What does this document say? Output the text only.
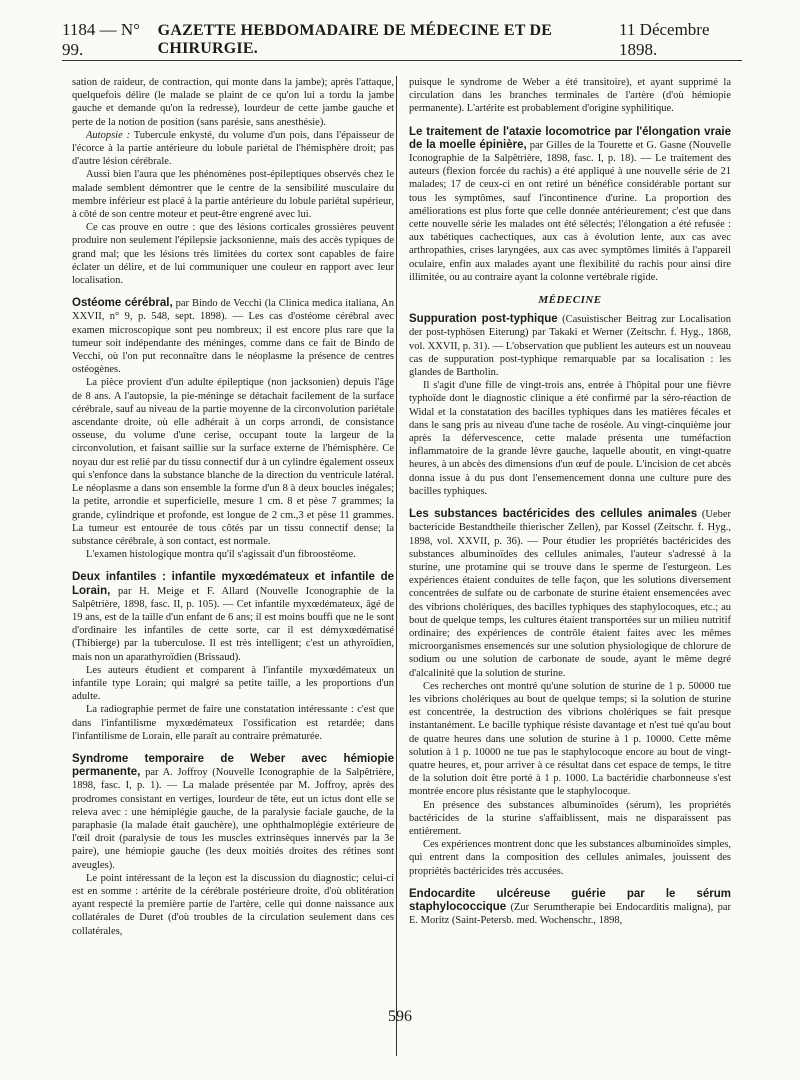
1184 — N° 99.
GAZETTE HEBDOMADAIRE DE MÉDECINE ET DE CHIRURGIE.
11 Décembre 1898.

sation de raideur, de contraction, qui monte dans la jambe); après l'attaque, quelquefois délire (le malade se plaint de ce qu'on lui a tordu la jambe gauche et demande qu'on la redresse), lourdeur de cette jambe gauche et perte de la notion de position (sans parésie, sans anesthésie).

Autopsie : Tubercule enkysté, du volume d'un pois, dans l'épaisseur de l'écorce à la partie antérieure du lobule pariétal de l'hémisphère droit; pas d'autre lésion cérébrale.

Aussi bien l'aura que les phénomènes post-épileptiques observés chez le malade semblent démontrer que le centre de la sensibilité musculaire du membre inférieur est placé à la partie antérieure du lobule pariétal supérieur, à côté de son centre moteur et peut-être engrené avec lui.

Ce cas prouve en outre : que des lésions corticales grossières peuvent produire non seulement l'épilepsie jacksonienne, mais des accès typiques de grand mal; que les lésions très limitées du cortex sont capables de faire éclater un délire, et de lui communiquer une couleur en rapport avec leur localisation.

Ostéome cérébral, par Bindo de Vecchi (la Clinica medica italiana, An XXVII, n° 9, p. 548, sept. 1898). — Les cas d'ostéome cérébral avec examen microscopique sont peu nombreux; il est encore plus rare que la tumeur soit indépendante des méninges, comme dans ce fait de Bindo de Vecchi, où l'on put reconnaître dans le néoplasme la présence de centres ostéogènes.

La pièce provient d'un adulte épileptique (non jacksonien) depuis l'âge de 8 ans. A l'autopsie, la pie-méninge se détachait facilement de la surface cérébrale, sauf au niveau de la partie moyenne de la circonvolution pariétale ascendante droite, où elle adhérait à un corps arrondi, de consistance osseuse, du volume d'une cerise, occupant toute la largeur de la circonvolution, et faisant saillie sur la surface externe de l'hémisphère. Ce noyau dur est relié par du tissu connectif dur à un cylindre également osseux qui s'enfonce dans la substance blanche de la direction du ventricule latéral. Le néoplasme a dans son ensemble la forme d'un 8 à deux boucles inégales; la petite, arrondie et superficielle, mesure 1 cm. 8 et pèse 7 grammes; la grande, cylindrique et profonde, est longue de 2 cm.,3 et pèse 11 grammes. La tumeur est entourée de tous côtés par un tissu connectif dense; la substance cérébrale, à son contact, est normale.

L'examen histologique montra qu'il s'agissait d'un fibroostéome.

Deux infantiles : infantile myxœdémateux et infantile de Lorain, par H. Meige et F. Allard (Nouvelle Iconographie de la Salpêtrière, 1898, fasc. II, p. 105). — Cet infantile myxœdémateux, âgé de 19 ans, est de la taille d'un enfant de 6 ans; il est moins bouffi que ne le sont d'ordinaire les infantiles de cette sorte, car il est démyxœdématisé (Thibierge) par la tuberculose. Il est très intelligent; c'est un athyroïdien, mais non un aparathyroïdien (Brissaud).

Les auteurs étudient et comparent à l'infantile myxœdémateux un infantile type Lorain; qui malgré sa petite taille, a les proportions d'un adulte.

La radiographie permet de faire une constatation intéressante : c'est que dans l'infantilisme myxœdémateux l'ossification est retardée; dans l'infantilisme de Lorain, elle paraît au contraire prématurée.

Syndrome temporaire de Weber avec hémiopie permanente, par A. Joffroy (Nouvelle Iconographie de la Salpêtrière, 1898, fasc. I, p. 1). — La malade présentée par M. Joffroy, après des prodromes consistant en vertiges, lourdeur de tête, eut un ictus dont elle se releva avec : une hémiplégie gauche, de la paralysie faciale gauche, de la paraphasie (la malade était gauchère), une ophthalmoplégie extérieure de l'œil droit (paralysie de tous les muscles extrinsèques innervés par la 3e paire), une hémiopie gauche (les deux moitiés droites des rétines sont aveugles).

Le point intéressant de la leçon est la discussion du diagnostic; celui-ci est en somme : artérite de la cérébrale postérieure droite, d'où oblitération ayant respecté la première partie de l'artère, celle qui donne naissance aux collatérales de Duret (d'où troubles de la circulation seulement dans ces collatérales,

puisque le syndrome de Weber a été transitoire), et ayant supprimé la circulation dans les branches terminales de l'artère (d'où hémiopie permanente). L'artérite est probablement d'origine syphilitique.

Le traitement de l'ataxie locomotrice par l'élongation vraie de la moelle épinière, par Gilles de la Tourette et G. Gasne (Nouvelle Iconographie de la Salpêtrière, 1898, fasc. I, p. 18). — Le traitement des auteurs (flexion forcée du rachis) a été appliqué à une nouvelle série de 21 malades; 17 de ceux-ci en ont retiré un bénéfice considérable portant sur tous les symptômes, sauf l'incontinence d'urine. La proportion des améliorations est plus forte que celle donnée antérieurement; c'est que dans cette nouvelle série les malades ont été sélectés; l'élongation a été refusée : aux tabétiques cachectiques, aux cas à évolution lente, aux cas avec arthropathies, crises laryngées, aux cas avec symptômes limités à l'appareil oculaire, enfin aux malades ayant une flexibilité du rachis pour ainsi dire illimitée, ou au contraire ayant la colonne vertébrale rigide.

MÉDECINE

Suppuration post-typhique (Casuistischer Beitrag zur Localisation der post-typhösen Eiterung) par Takaki et Werner (Zeitschr. f. Hyg., 1868, vol. XXVII, p. 31). — L'observation que publient les auteurs est un nouveau cas de suppuration post-typhique remarquable par sa localisation : les glandes de Bartholin.

Il s'agit d'une fille de vingt-trois ans, entrée à l'hôpital pour une fièvre typhoïde dont le diagnostic clinique a été confirmé par la séro-réaction de Widal et la constatation des bacilles typhiques dans les matières fécales et dans le sang pris au niveau d'une tache de roséole. Au vingt-cinquième jour après la défervescence, cette malade présenta une tuméfaction inflammatoire de la grande lèvre gauche, laquelle aboutit, en vingt-quatre heures, à un abcès des dimensions d'un œuf de poule. L'incision de cet abcès donna issue à du pus dont l'ensemencement donna une culture pure des bacilles typhiques.

Les substances bactéricides des cellules animales (Ueber bactericide Bestandtheile thierischer Zellen), par Kossel (Zeitschr. f. Hyg., 1898, vol. XXVII, p. 36). — Pour étudier les propriétés bactéricides des substances albuminoïdes des cellules animales, l'auteur s'adressé à la sturine, une protamine qui se trouve dans le sperme de l'esturgeon. Les expériences étaient conduites de telle façon, que les solutions diversement concentrées de sulfate ou de carbonate de sturine étaient ensemencées avec des vibrions cholériques, des bacilles typhiques des staphylocoques, etc.; au bout de quelque temps, les cultures étaient transportées sur un milieu nutritif ordinaire; des expériences de contrôle étaient faites avec les mêmes microorganismes ensemencés sur une solution physiologique de chlorure de sodium ou une solution de carbonate de soude, ayant le même degré d'alcalinité que la solution de sturine.

Ces recherches ont montré qu'une solution de sturine de 1 p. 50000 tue les vibrions cholériques au bout de quelque temps; si la solution de sturine est concentrée, la destruction des vibrions cholériques se fait presque instantanément. Le bacille typhique résiste davantage et n'est tué qu'au bout de quatre heures dans une solution de sturine à 1 p. 10000. Cette même solution à 1 p. 10000 ne tue pas le staphylocoque encore au bout de vingt-quatre heures, et, pour arriver à ce résultat dans cet espace de temps, le titre de la solution doit être porté à 1 p. 1000. La bactéridie charbonneuse s'est montrée encore plus résistante que le staphylocoque.

En présence des substances albuminoïdes (sérum), les propriétés bactéricides de la sturine s'affaiblissent, mais ne disparaissent pas entièrement.

Ces expériences montrent donc que les substances albuminoïdes simples, qui entrent dans la composition des cellules animales, jouissent des propriétés bactéricides très accusées.

Endocardite ulcéreuse guérie par le sérum staphylococcique (Zur Serumtherapie bei Endocarditis maligna), par E. Moritz (Saint-Petersb. med. Wochenschr., 1898,

596
